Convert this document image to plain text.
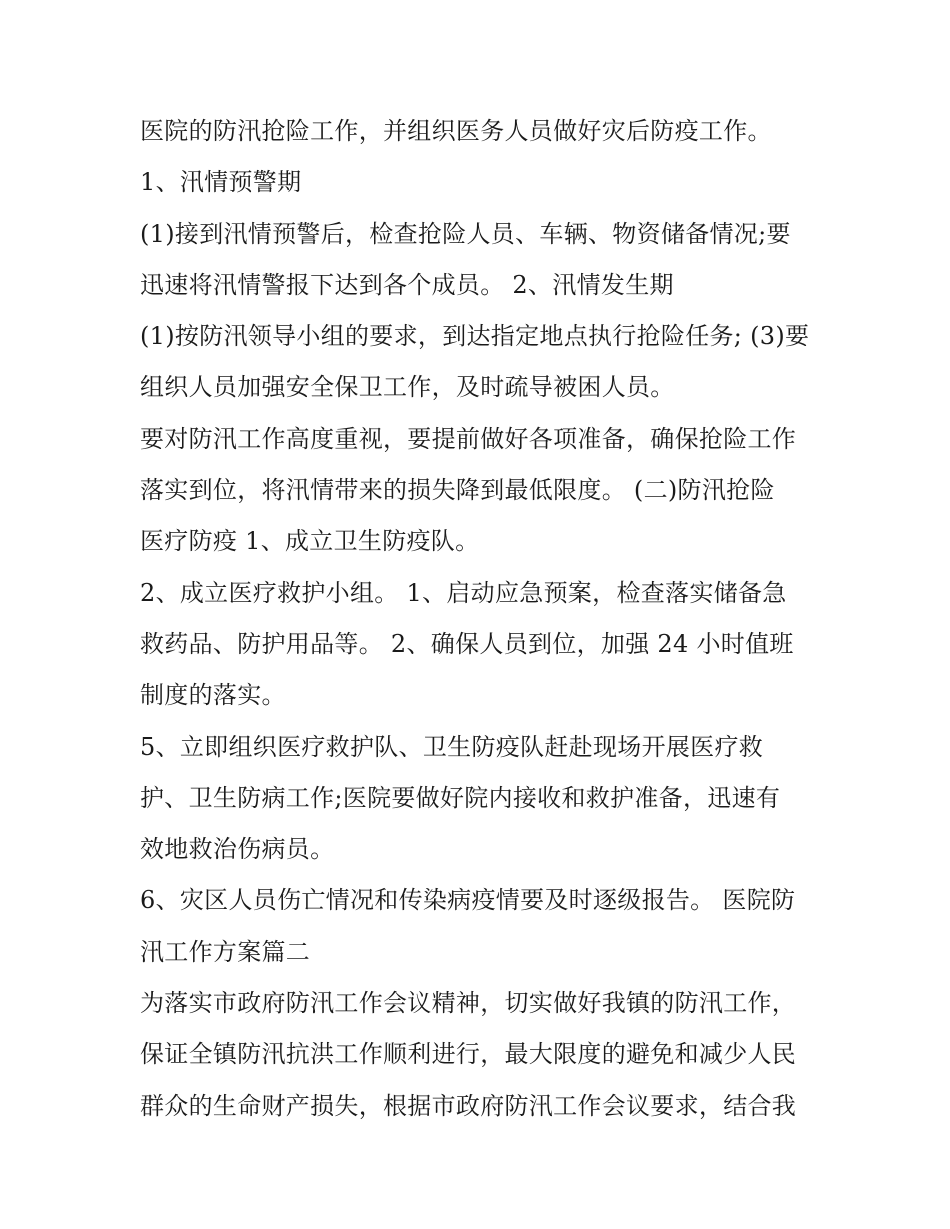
医院的防汛抢险工作，并组织医务人员做好灾后防疫工作。
1、汛情预警期
(1)接到汛情预警后，检查抢险人员、车辆、物资储备情况;要
迅速将汛情警报下达到各个成员。 2、汛情发生期
(1)按防汛领导小组的要求，到达指定地点执行抢险任务; (3)要
组织人员加强安全保卫工作，及时疏导被困人员。
要对防汛工作高度重视，要提前做好各项准备，确保抢险工作
落实到位，将汛情带来的损失降到最低限度。 (二)防汛抢险
医疗防疫 1、成立卫生防疫队。
2、成立医疗救护小组。 1、启动应急预案，检查落实储备急
救药品、防护用品等。 2、确保人员到位，加强 24 小时值班
制度的落实。
5、立即组织医疗救护队、卫生防疫队赶赴现场开展医疗救
护、卫生防病工作;医院要做好院内接收和救护准备，迅速有
效地救治伤病员。
6、灾区人员伤亡情况和传染病疫情要及时逐级报告。 医院防
汛工作方案篇二
为落实市政府防汛工作会议精神，切实做好我镇的防汛工作，
保证全镇防汛抗洪工作顺利进行，最大限度的避免和减少人民
群众的生命财产损失，根据市政府防汛工作会议要求，结合我
